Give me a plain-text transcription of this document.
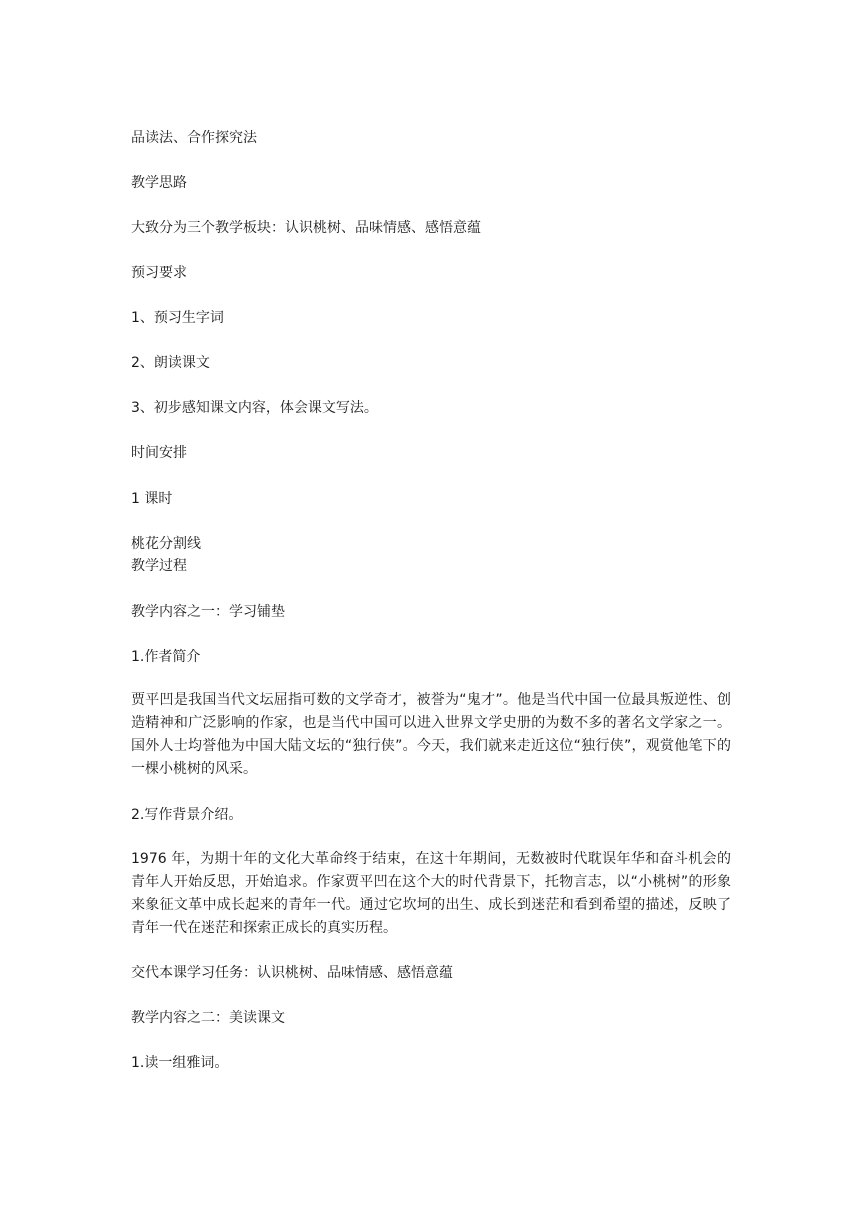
品读法、合作探究法
教学思路
大致分为三个教学板块：认识桃树、品味情感、感悟意蕴
预习要求
1、预习生字词
2、朗读课文
3、初步感知课文内容，体会课文写法。
时间安排
1 课时
桃花分割线
教学过程
教学内容之一：学习铺垫
1.作者简介
贾平凹是我国当代文坛屈指可数的文学奇才，被誉为“鬼才”。他是当代中国一位最具叛逆性、创造精神和广泛影响的作家，也是当代中国可以进入世界文学史册的为数不多的著名文学家之一。国外人士均誉他为中国大陆文坛的“独行侠”。今天，我们就来走近这位“独行侠”，观赏他笔下的一棵小桃树的风采。
2.写作背景介绍。
1976 年，为期十年的文化大革命终于结束，在这十年期间，无数被时代耽误年华和奋斗机会的青年人开始反思，开始追求。作家贾平凹在这个大的时代背景下，托物言志，以“小桃树”的形象来象征文革中成长起来的青年一代。通过它坎坷的出生、成长到迷茫和看到希望的描述，反映了青年一代在迷茫和探索正成长的真实历程。
交代本课学习任务：认识桃树、品味情感、感悟意蕴
教学内容之二：美读课文
1.读一组雅词。
